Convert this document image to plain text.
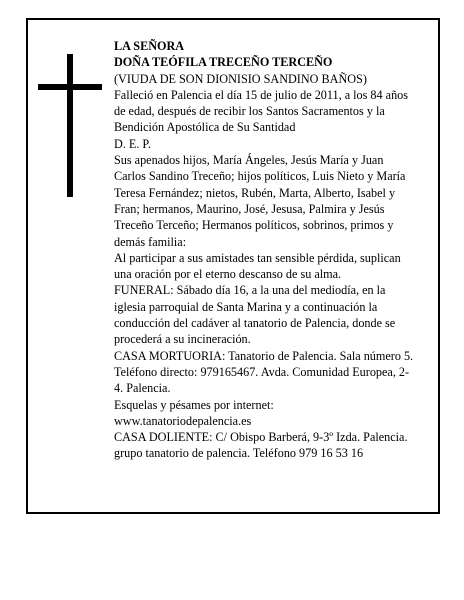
LA SEÑORA

DOÑA TEÓFILA TRECEÑO TERCEÑO

(VIUDA DE SON DIONISIO SANDINO BAÑOS)

Falleció en Palencia el día 15 de julio de 2011, a los 84 años de edad, después de recibir los Santos Sacramentos y la Bendición Apostólica de Su Santidad

D. E. P.

Sus apenados hijos, María Ángeles, Jesús María y Juan Carlos Sandino Treceño; hijos políticos, Luis Nieto y María Teresa Fernández; nietos, Rubén, Marta, Alberto, Isabel y Fran; hermanos, Maurino, José, Jesusa, Palmira y Jesús Treceño Terceño; Hermanos políticos, sobrinos, primos y demás familia:

Al participar a sus amistades tan sensible pérdida, suplican una oración por el eterno descanso de su alma.

FUNERAL: Sábado día 16, a la una del mediodía, en la iglesia parroquial de Santa Marina y a continuación la conducción del cadáver al tanatorio de Palencia, donde se procederá a su incineración.

CASA MORTUORIA: Tanatorio de Palencia. Sala número 5. Teléfono directo: 979165467. Avda. Comunidad Europea, 2-4. Palencia.

Esquelas y pésames por internet:

www.tanatoriodepalencia.es

CASA DOLIENTE: C/ Obispo Barberá, 9-3º Izda. Palencia.

grupo tanatorio de palencia. Teléfono 979 16 53 16
